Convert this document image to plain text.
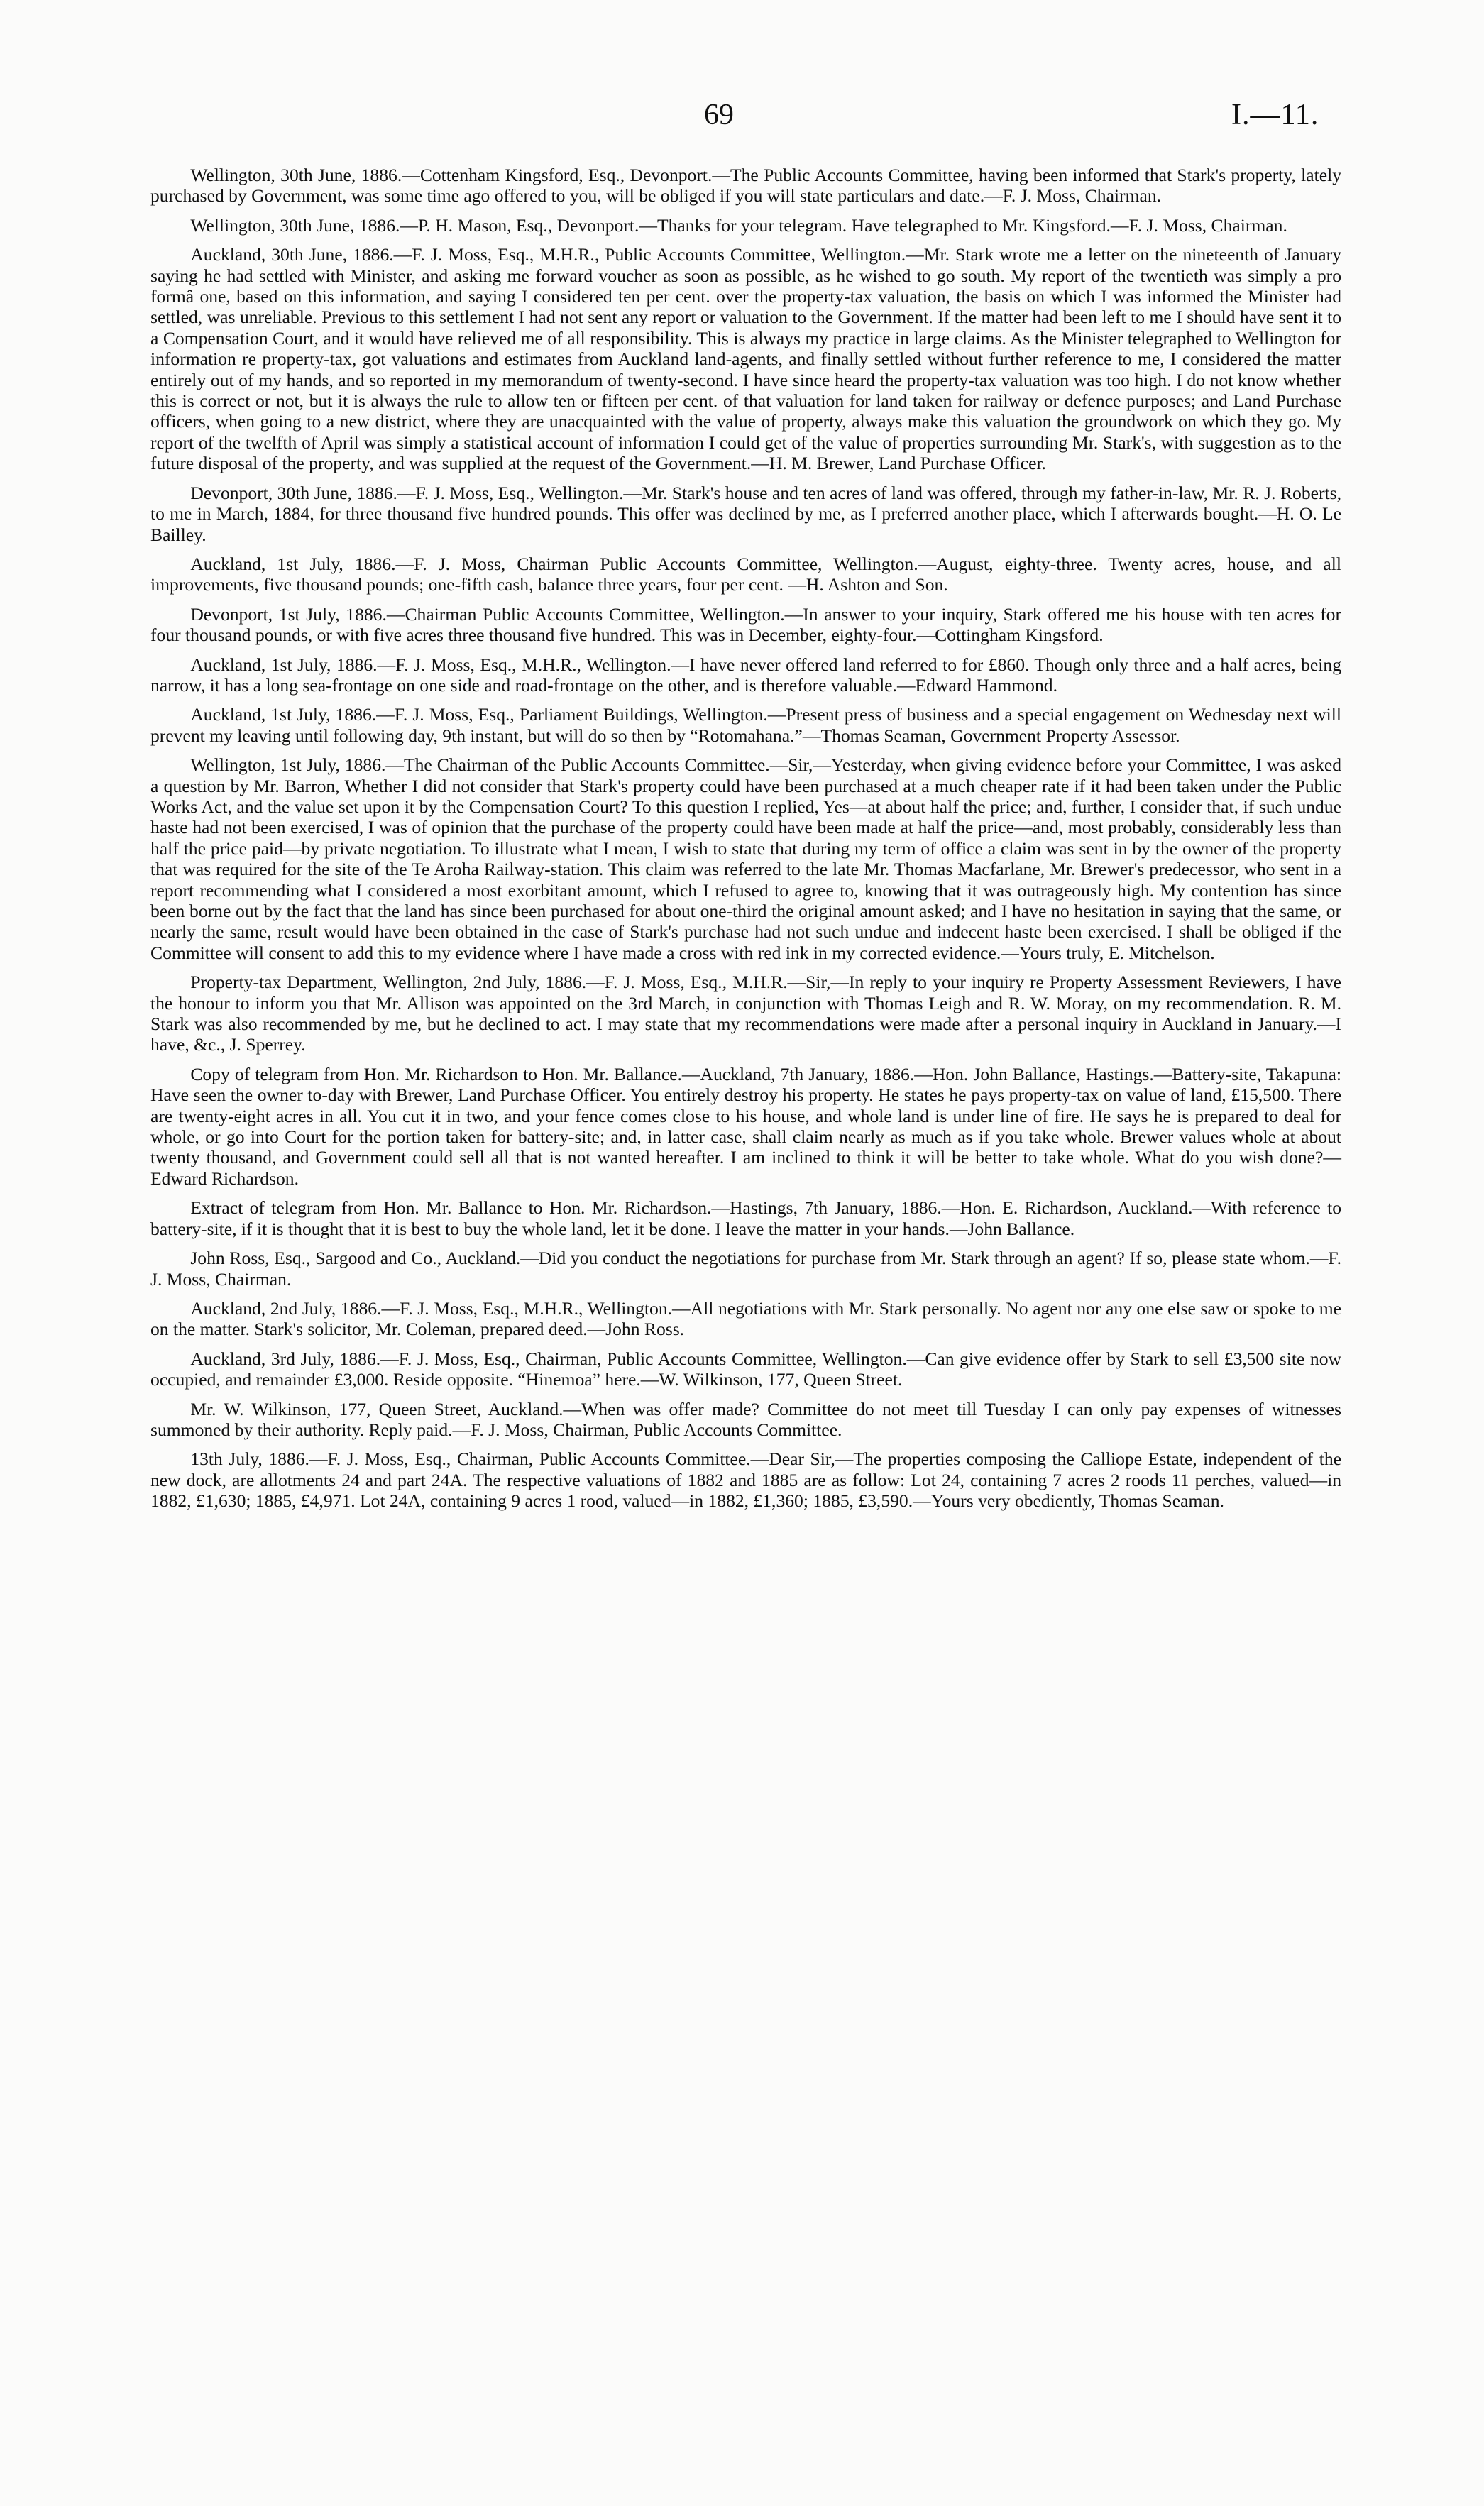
69	I.—11.

Wellington, 30th June, 1886.—Cottenham Kingsford, Esq., Devonport.—The Public Accounts Committee, having been informed that Stark's property, lately purchased by Government, was some time ago offered to you, will be obliged if you will state particulars and date.—F. J. Moss, Chairman.

Wellington, 30th June, 1886.—P. H. Mason, Esq., Devonport.—Thanks for your telegram. Have telegraphed to Mr. Kingsford.—F. J. Moss, Chairman.

Auckland, 30th June, 1886.—F. J. Moss, Esq., M.H.R., Public Accounts Committee, Wellington.—Mr. Stark wrote me a letter on the nineteenth of January saying he had settled with Minister, and asking me forward voucher as soon as possible, as he wished to go south. My report of the twentieth was simply a pro formâ one, based on this information, and saying I considered ten per cent. over the property-tax valuation, the basis on which I was informed the Minister had settled, was unreliable. Previous to this settlement I had not sent any report or valuation to the Government. If the matter had been left to me I should have sent it to a Compensation Court, and it would have relieved me of all responsibility. This is always my practice in large claims. As the Minister telegraphed to Wellington for information re property-tax, got valuations and estimates from Auckland land-agents, and finally settled without further reference to me, I considered the matter entirely out of my hands, and so reported in my memorandum of twenty-second. I have since heard the property-tax valuation was too high. I do not know whether this is correct or not, but it is always the rule to allow ten or fifteen per cent. of that valuation for land taken for railway or defence purposes; and Land Purchase officers, when going to a new district, where they are unacquainted with the value of property, always make this valuation the groundwork on which they go. My report of the twelfth of April was simply a statistical account of information I could get of the value of properties surrounding Mr. Stark's, with suggestion as to the future disposal of the property, and was supplied at the request of the Government.—H. M. Brewer, Land Purchase Officer.

Devonport, 30th June, 1886.—F. J. Moss, Esq., Wellington.—Mr. Stark's house and ten acres of land was offered, through my father-in-law, Mr. R. J. Roberts, to me in March, 1884, for three thousand five hundred pounds. This offer was declined by me, as I preferred another place, which I afterwards bought.—H. O. Le Bailley.

Auckland, 1st July, 1886.—F. J. Moss, Chairman Public Accounts Committee, Wellington.—August, eighty-three. Twenty acres, house, and all improvements, five thousand pounds; one-fifth cash, balance three years, four per cent. —H. Ashton and Son.

Devonport, 1st July, 1886.—Chairman Public Accounts Committee, Wellington.—In answer to your inquiry, Stark offered me his house with ten acres for four thousand pounds, or with five acres three thousand five hundred. This was in December, eighty-four.—Cottingham Kingsford.

Auckland, 1st July, 1886.—F. J. Moss, Esq., M.H.R., Wellington.—I have never offered land referred to for £860. Though only three and a half acres, being narrow, it has a long sea-frontage on one side and road-frontage on the other, and is therefore valuable.—Edward Hammond.

Auckland, 1st July, 1886.—F. J. Moss, Esq., Parliament Buildings, Wellington.—Present press of business and a special engagement on Wednesday next will prevent my leaving until following day, 9th instant, but will do so then by “Rotomahana.”—Thomas Seaman, Government Property Assessor.

Wellington, 1st July, 1886.—The Chairman of the Public Accounts Committee.—Sir,—Yesterday, when giving evidence before your Committee, I was asked a question by Mr. Barron, Whether I did not consider that Stark's property could have been purchased at a much cheaper rate if it had been taken under the Public Works Act, and the value set upon it by the Compensation Court? To this question I replied, Yes—at about half the price; and, further, I consider that, if such undue haste had not been exercised, I was of opinion that the purchase of the property could have been made at half the price—and, most probably, considerably less than half the price paid—by private negotiation. To illustrate what I mean, I wish to state that during my term of office a claim was sent in by the owner of the property that was required for the site of the Te Aroha Railway-station. This claim was referred to the late Mr. Thomas Macfarlane, Mr. Brewer's predecessor, who sent in a report recommending what I considered a most exorbitant amount, which I refused to agree to, knowing that it was outrageously high. My contention has since been borne out by the fact that the land has since been purchased for about one-third the original amount asked; and I have no hesitation in saying that the same, or nearly the same, result would have been obtained in the case of Stark's purchase had not such undue and indecent haste been exercised. I shall be obliged if the Committee will consent to add this to my evidence where I have made a cross with red ink in my corrected evidence.—Yours truly, E. Mitchelson.

Property-tax Department, Wellington, 2nd July, 1886.—F. J. Moss, Esq., M.H.R.—Sir,—In reply to your inquiry re Property Assessment Reviewers, I have the honour to inform you that Mr. Allison was appointed on the 3rd March, in conjunction with Thomas Leigh and R. W. Moray, on my recommendation. R. M. Stark was also recommended by me, but he declined to act. I may state that my recommendations were made after a personal inquiry in Auckland in January.—I have, &c., J. Sperrey.

Copy of telegram from Hon. Mr. Richardson to Hon. Mr. Ballance.—Auckland, 7th January, 1886.—Hon. John Ballance, Hastings.—Battery-site, Takapuna: Have seen the owner to-day with Brewer, Land Purchase Officer. You entirely destroy his property. He states he pays property-tax on value of land, £15,500. There are twenty-eight acres in all. You cut it in two, and your fence comes close to his house, and whole land is under line of fire. He says he is prepared to deal for whole, or go into Court for the portion taken for battery-site; and, in latter case, shall claim nearly as much as if you take whole. Brewer values whole at about twenty thousand, and Government could sell all that is not wanted hereafter. I am inclined to think it will be better to take whole. What do you wish done?—Edward Richardson.

Extract of telegram from Hon. Mr. Ballance to Hon. Mr. Richardson.—Hastings, 7th January, 1886.—Hon. E. Richardson, Auckland.—With reference to battery-site, if it is thought that it is best to buy the whole land, let it be done. I leave the matter in your hands.—John Ballance.

John Ross, Esq., Sargood and Co., Auckland.—Did you conduct the negotiations for purchase from Mr. Stark through an agent? If so, please state whom.—F. J. Moss, Chairman.

Auckland, 2nd July, 1886.—F. J. Moss, Esq., M.H.R., Wellington.—All negotiations with Mr. Stark personally. No agent nor any one else saw or spoke to me on the matter. Stark's solicitor, Mr. Coleman, prepared deed.—John Ross.

Auckland, 3rd July, 1886.—F. J. Moss, Esq., Chairman, Public Accounts Committee, Wellington.—Can give evidence offer by Stark to sell £3,500 site now occupied, and remainder £3,000. Reside opposite. “Hinemoa” here.—W. Wilkinson, 177, Queen Street.

Mr. W. Wilkinson, 177, Queen Street, Auckland.—When was offer made? Committee do not meet till Tuesday I can only pay expenses of witnesses summoned by their authority. Reply paid.—F. J. Moss, Chairman, Public Accounts Committee.

13th July, 1886.—F. J. Moss, Esq., Chairman, Public Accounts Committee.—Dear Sir,—The properties composing the Calliope Estate, independent of the new dock, are allotments 24 and part 24A. The respective valuations of 1882 and 1885 are as follow: Lot 24, containing 7 acres 2 roods 11 perches, valued—in 1882, £1,630; 1885, £4,971. Lot 24A, containing 9 acres 1 rood, valued—in 1882, £1,360; 1885, £3,590.—Yours very obediently, Thomas Seaman.
